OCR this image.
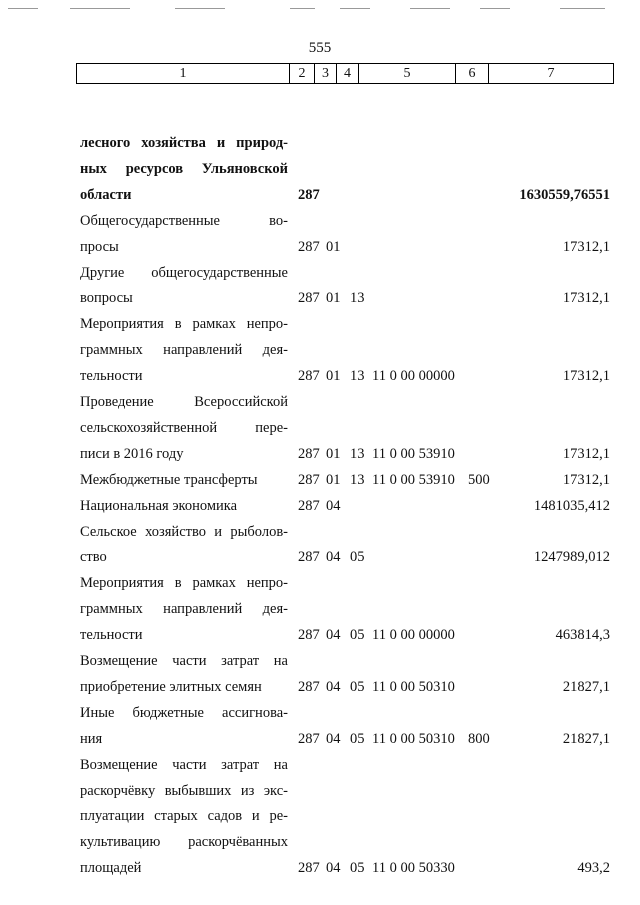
555
1	2	3	4	5	6	7
лесного хозяйства и природ-
ных ресурсов Ульяновской
области	287	1630559,76551
Общегосударственные во-
просы	287 01	17312,1
Другие общегосударственные
вопросы	287 01 13	17312,1
Мероприятия в рамках непро-
граммных направлений дея-
тельности	287 01 13 11 0 00 00000	17312,1
Проведение Всероссийской
сельскохозяйственной пере-
писи в 2016 году	287 01 13 11 0 00 53910	17312,1
Межбюджетные трансферты	287 01 13 11 0 00 53910 500	17312,1
Национальная экономика	287 04	1481035,412
Сельское хозяйство и рыболов-
ство	287 04 05	1247989,012
Мероприятия в рамках непро-
граммных направлений дея-
тельности	287 04 05 11 0 00 00000	463814,3
Возмещение части затрат на
приобретение элитных семян	287 04 05 11 0 00 50310	21827,1
Иные бюджетные ассигнова-
ния	287 04 05 11 0 00 50310 800	21827,1
Возмещение части затрат на
раскорчёвку выбывших из экс-
плуатации старых садов и ре-
культивацию раскорчёванных
площадей	287 04 05 11 0 00 50330	493,2
